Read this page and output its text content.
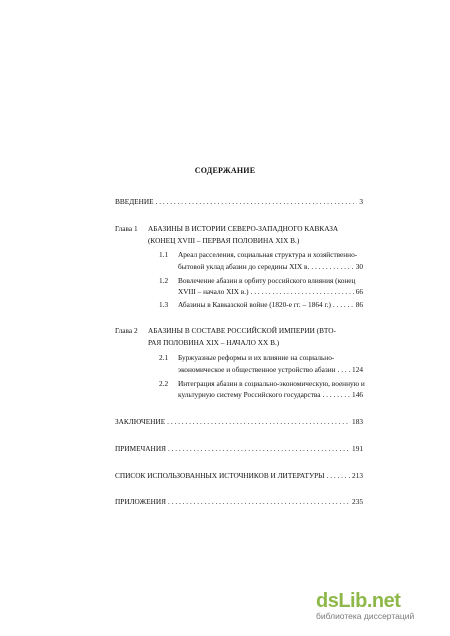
СОДЕРЖАНИЕ
ВВЕДЕНИЕ . . .	3
Глава 1 АБАЗИНЫ В ИСТОРИИ СЕВЕРО-ЗАПАДНОГО КАВКАЗА
(КОНЕЦ XVIII – ПЕРВАЯ ПОЛОВИНА XIX В.)
1.1 Ареал расселения, социальная структура и хозяйственно-
бытовой уклад абазин до середины XIX в. . . .	30
1.2 Вовлечение абазин в орбиту российского влияния (конец
XVIII – начало XIX в.) . . .	66
1.3 Абазины в Кавказской войне (1820-е гг. – 1864 г.) . . .	86
Глава 2 АБАЗИНЫ В СОСТАВЕ РОССИЙСКОЙ ИМПЕРИИ (ВТО-
РАЯ ПОЛОВИНА XIX – НАЧАЛО XX В.)
2.1 Буржуазные реформы и их влияние на социально-
экономическое и общественное устройство абазин . . . 124
2.2 Интеграция абазин в социально-экономическую, военную и
культурную систему Российского государства . . .	146
ЗАКЛЮЧЕНИЕ . . .	183
ПРИМЕЧАНИЯ . . .	191
СПИСОК ИСПОЛЬЗОВАННЫХ ИСТОЧНИКОВ И ЛИТЕРАТУРЫ . . .	213
ПРИЛОЖЕНИЯ . . .	235
dsLib.net
библиотека диссертаций
